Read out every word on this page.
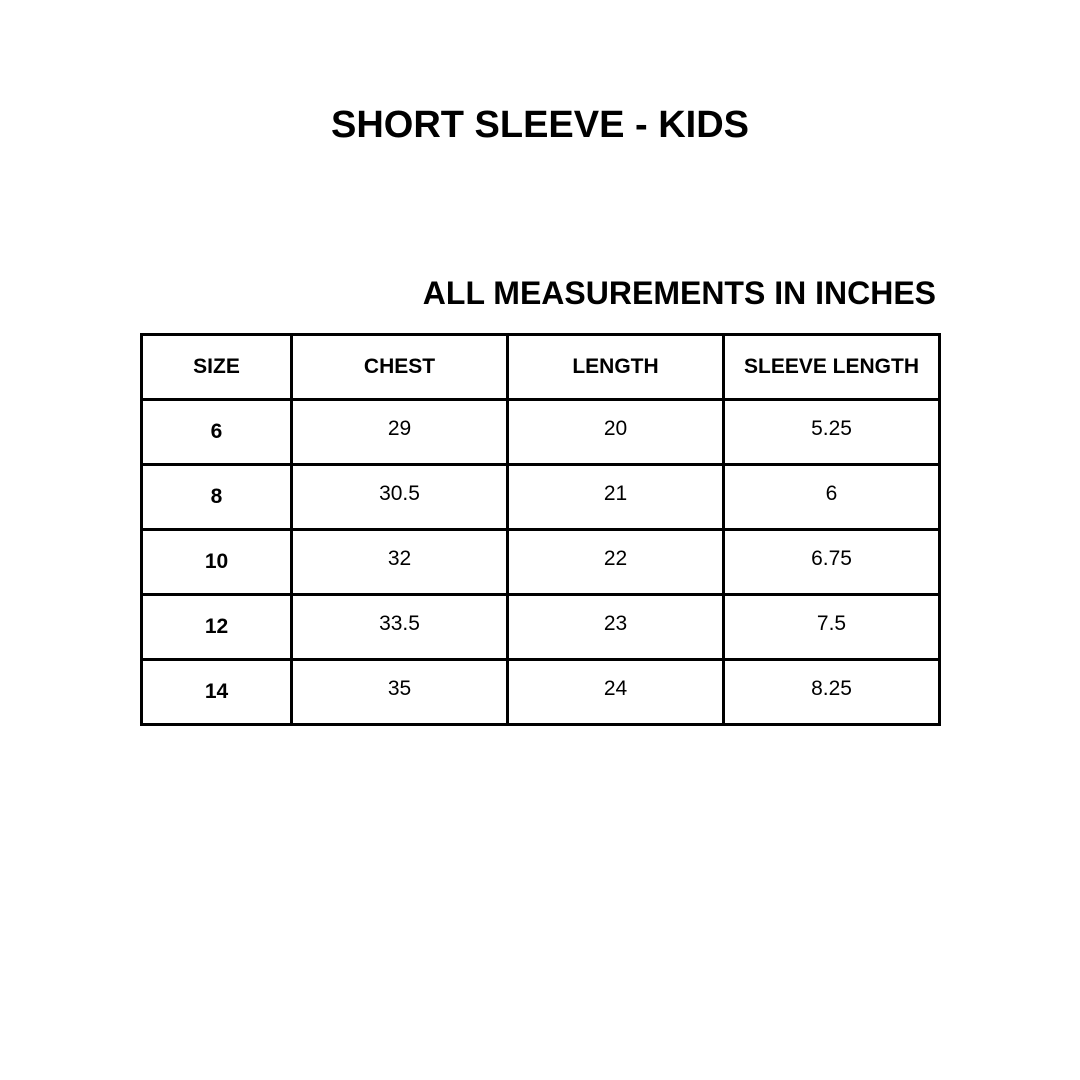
SHORT SLEEVE - KIDS
ALL MEASUREMENTS IN INCHES
SIZE	CHEST	LENGTH	SLEEVE LENGTH
6	29	20	5.25
8	30.5	21	6
10	32	22	6.75
12	33.5	23	7.5
14	35	24	8.25
